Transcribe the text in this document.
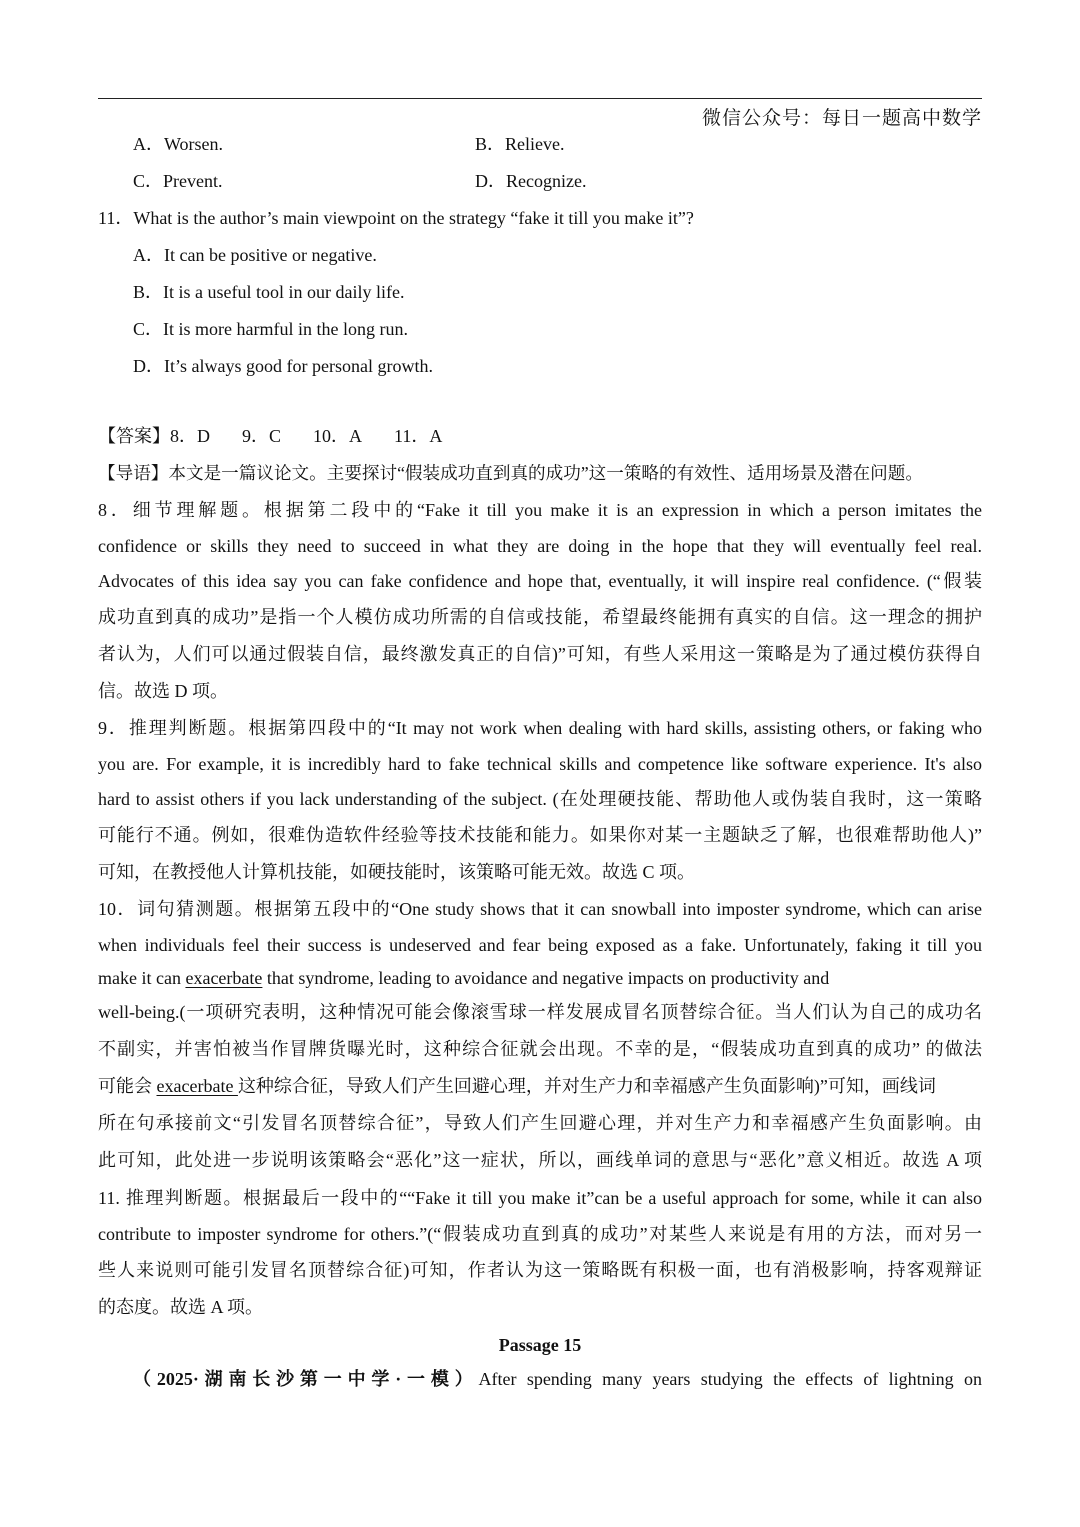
微信公众号：每日一题高中数学
A．Worsen.	B．Relieve.
C．Prevent.	D．Recognize.
11．What is the author’s main viewpoint on the strategy “fake it till you make it”?
A．It can be positive or negative.
B．It is a useful tool in our daily life.
C．It is more harmful in the long run.
D．It’s always good for personal growth.
【答案】8．D 9．C 10．A 11．A
【导语】本文是一篇议论文。主要探讨“假装成功直到真的成功”这一策略的有效性、适用场景及潜在问题。
8．细节理解题。根据第二段中的“Fake it till you make it is an expression in which a person imitates the
confidence or skills they need to succeed in what they are doing in the hope that they will eventually feel real.
Advocates of this idea say you can fake confidence and hope that, eventually, it will inspire real confidence. (“假装
成功直到真的成功”是指一个人模仿成功所需的自信或技能，希望最终能拥有真实的自信。这一理念的拥护
者认为，人们可以通过假装自信，最终激发真正的自信)”可知，有些人采用这一策略是为了通过模仿获得自
信。故选 D 项。
9．推理判断题。根据第四段中的“It may not work when dealing with hard skills, assisting others, or faking who
you are. For example, it is incredibly hard to fake technical skills and competence like software experience. It's also
hard to assist others if you lack understanding of the subject. (在处理硬技能、帮助他人或伪装自我时，这一策略
可能行不通。例如，很难伪造软件经验等技术技能和能力。如果你对某一主题缺乏了解，也很难帮助他人)”
可知，在教授他人计算机技能，如硬技能时，该策略可能无效。故选 C 项。
10．词句猜测题。根据第五段中的“One study shows that it can snowball into imposter syndrome, which can arise
when individuals feel their success is undeserved and fear being exposed as a fake. Unfortunately, faking it till you
make it can exacerbate that syndrome, leading to avoidance and negative impacts on productivity and
well-being.(一项研究表明，这种情况可能会像滚雪球一样发展成冒名顶替综合征。当人们认为自己的成功名
不副实，并害怕被当作冒牌货曝光时，这种综合征就会出现。不幸的是，“假装成功直到真的成功” 的做法
可能会 exacerbate 这种综合征，导致人们产生回避心理，并对生产力和幸福感产生负面影响)”可知，画线词
所在句承接前文“引发冒名顶替综合征”，导致人们产生回避心理，并对生产力和幸福感产生负面影响。由
此可知，此处进一步说明该策略会“恶化”这一症状，所以，画线单词的意思与“恶化”意义相近。故选 A 项
11. 推理判断题。根据最后一段中的““Fake it till you make it”can be a useful approach for some, while it can also
contribute to imposter syndrome for others.”(“假装成功直到真的成功”对某些人来说是有用的方法，而对另一
些人来说则可能引发冒名顶替综合征)可知，作者认为这一策略既有积极一面，也有消极影响，持客观辩证
的态度。故选 A 项。
Passage 15
（2025·湖南长沙第一中学·一模）After spending many years studying the effects of lightning on
